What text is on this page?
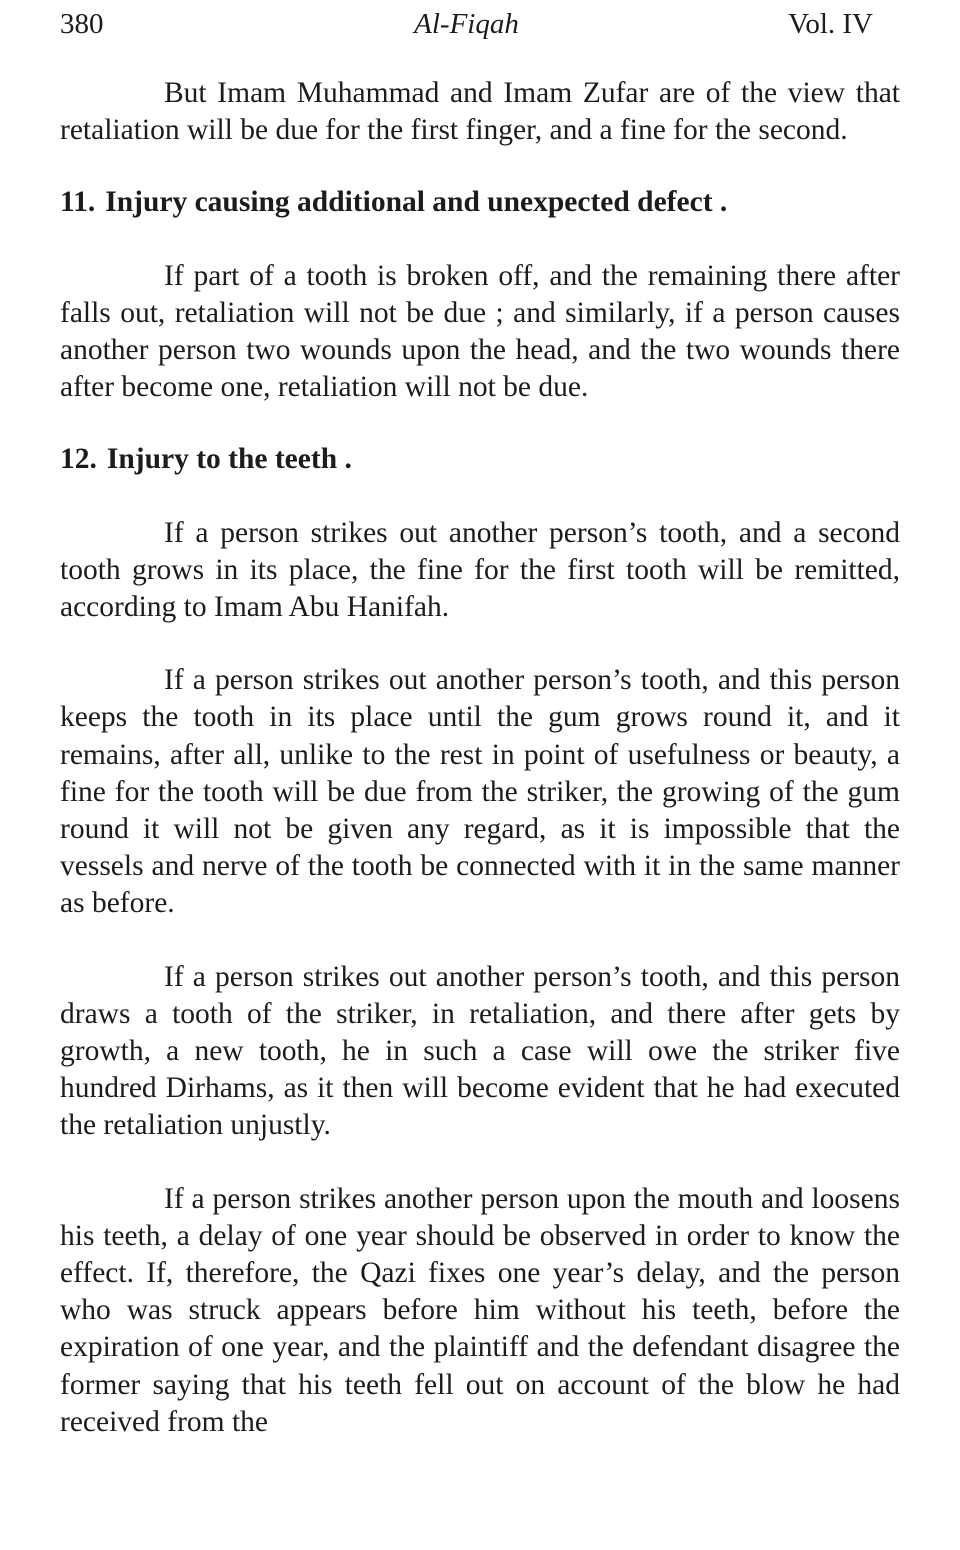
380	Al-Fiqah	Vol. IV

But Imam Muhammad and Imam Zufar are of the view that retaliation will be due for the first finger, and a fine for the second.

11. Injury causing additional and unexpected defect .

If part of a tooth is broken off, and the remaining there after falls out, retaliation will not be due ; and similarly, if a person causes another person two wounds upon the head, and the two wounds there after become one, retaliation will not be due.

12. Injury to the teeth .

If a person strikes out another person’s tooth, and a second tooth grows in its place, the fine for the first tooth will be remitted, according to Imam Abu Hanifah.

If a person strikes out another person’s tooth, and this person keeps the tooth in its place until the gum grows round it, and it remains, after all, unlike to the rest in point of usefulness or beauty, a fine for the tooth will be due from the striker, the growing of the gum round it will not be given any regard, as it is impossible that the vessels and nerve of the tooth be connected with it in the same manner as before.

If a person strikes out another person’s tooth, and this person draws a tooth of the striker, in retaliation, and there after gets by growth, a new tooth, he in such a case will owe the striker five hundred Dirhams, as it then will become evident that he had executed the retaliation unjustly.

If a person strikes another person upon the mouth and loosens his teeth, a delay of one year should be observed in order to know the effect. If, therefore, the Qazi fixes one year’s delay, and the person who was struck appears before him without his teeth, before the expiration of one year, and the plaintiff and the defendant disagree the former saying that his teeth fell out on account of the blow he had received from the
